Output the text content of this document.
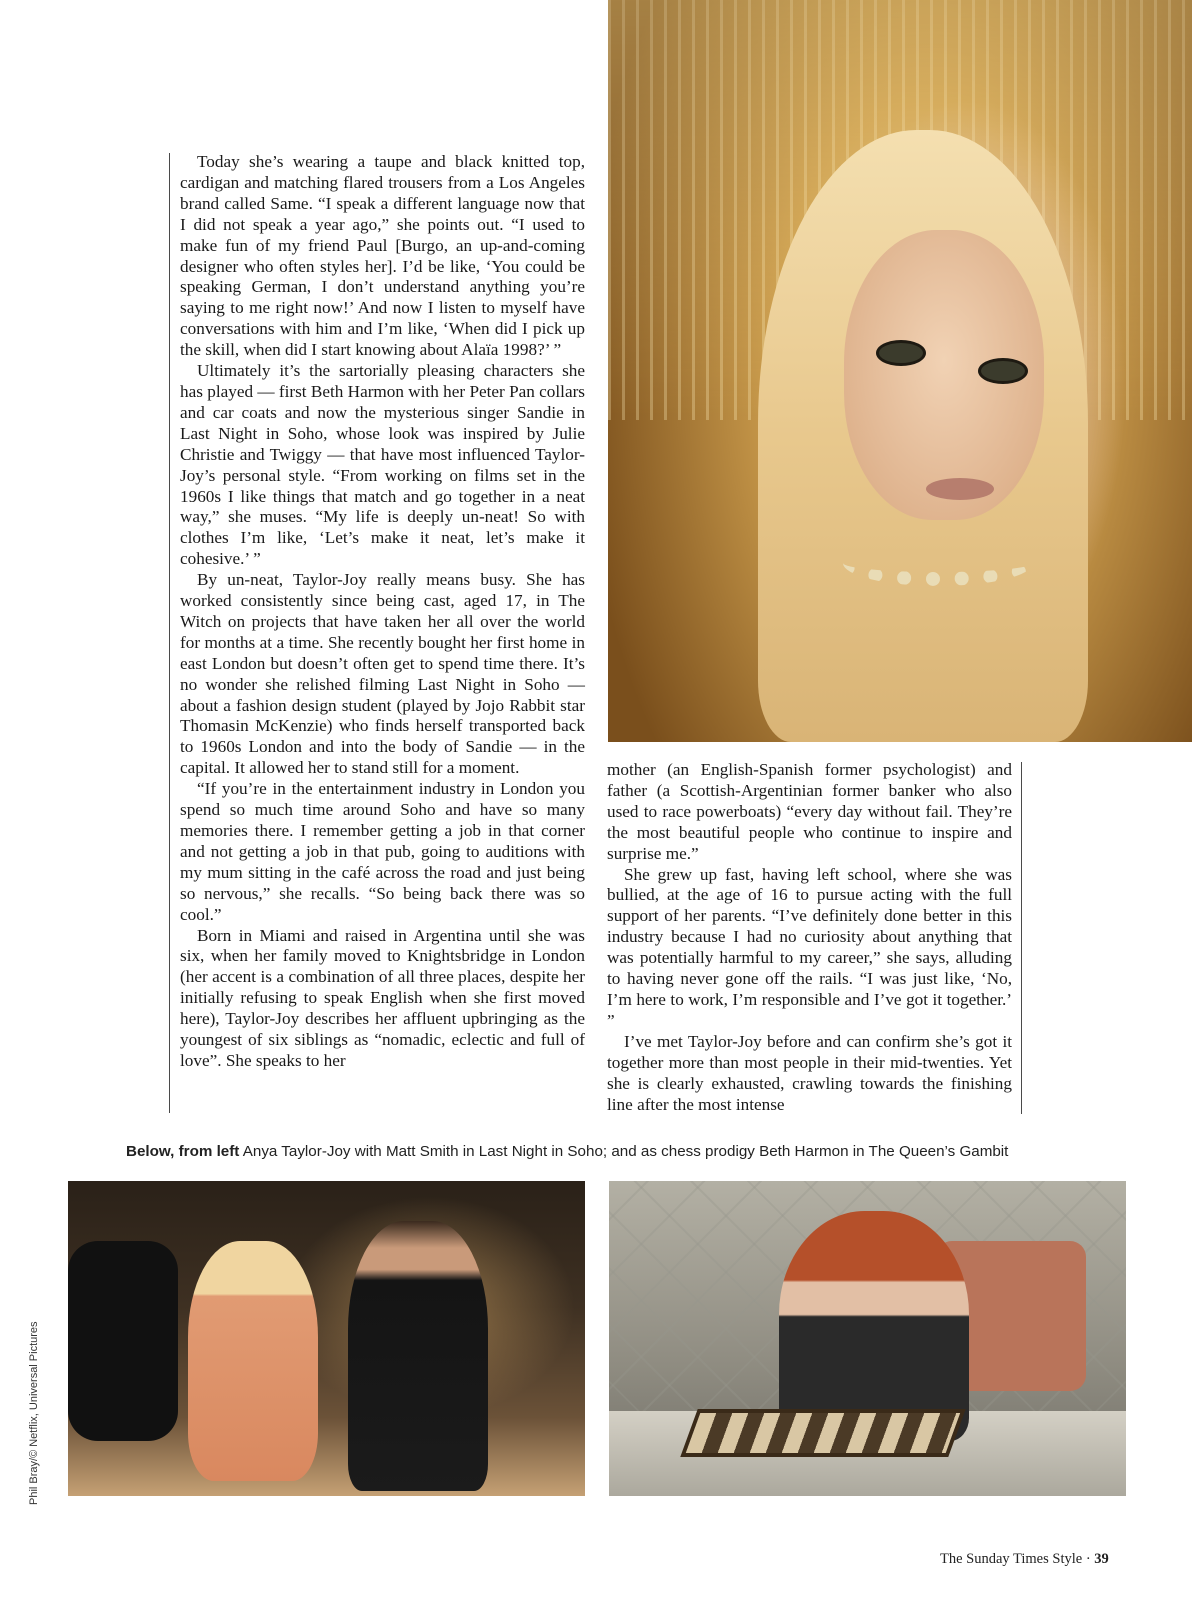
Today she’s wearing a taupe and black knitted top, cardigan and matching flared trousers from a Los Angeles brand called Same. “I speak a different language now that I did not speak a year ago,” she points out. “I used to make fun of my friend Paul [Burgo, an up-and-coming designer who often styles her]. I’d be like, ‘You could be speaking German, I don’t understand anything you’re saying to me right now!’ And now I listen to myself have conversations with him and I’m like, ‘When did I pick up the skill, when did I start knowing about Alaïa 1998?’ ”

Ultimately it’s the sartorially pleasing characters she has played — first Beth Harmon with her Peter Pan collars and car coats and now the mysterious singer Sandie in Last Night in Soho, whose look was inspired by Julie Christie and Twiggy — that have most influenced Taylor-Joy’s personal style. “From working on films set in the 1960s I like things that match and go together in a neat way,” she muses. “My life is deeply un-neat! So with clothes I’m like, ‘Let’s make it neat, let’s make it cohesive.’ ”

By un-neat, Taylor-Joy really means busy. She has worked consistently since being cast, aged 17, in The Witch on projects that have taken her all over the world for months at a time. She recently bought her first home in east London but doesn’t often get to spend time there. It’s no wonder she relished filming Last Night in Soho — about a fashion design student (played by Jojo Rabbit star Thomasin McKenzie) who finds herself transported back to 1960s London and into the body of Sandie — in the capital. It allowed her to stand still for a moment.

“If you’re in the entertainment industry in London you spend so much time around Soho and have so many memories there. I remember getting a job in that corner and not getting a job in that pub, going to auditions with my mum sitting in the café across the road and just being so nervous,” she recalls. “So being back there was so cool.”

Born in Miami and raised in Argentina until she was six, when her family moved to Knightsbridge in London (her accent is a combination of all three places, despite her initially refusing to speak English when she first moved here), Taylor-Joy describes her affluent upbringing as the youngest of six siblings as “nomadic, eclectic and full of love”. She speaks to her

mother (an English-Spanish former psychologist) and father (a Scottish-Argentinian former banker who also used to race powerboats) “every day without fail. They’re the most beautiful people who continue to inspire and surprise me.”

She grew up fast, having left school, where she was bullied, at the age of 16 to pursue acting with the full support of her parents. “I’ve definitely done better in this industry because I had no curiosity about anything that was potentially harmful to my career,” she says, alluding to having never gone off the rails. “I was just like, ‘No, I’m here to work, I’m responsible and I’ve got it together.’ ”

I’ve met Taylor-Joy before and can confirm she’s got it together more than most people in their mid-twenties. Yet she is clearly exhausted, crawling towards the finishing line after the most intense

Below, from left Anya Taylor-Joy with Matt Smith in Last Night in Soho; and as chess prodigy Beth Harmon in The Queen’s Gambit
Phil Bray/© Netflix, Universal Pictures
The Sunday Times Style · 39
